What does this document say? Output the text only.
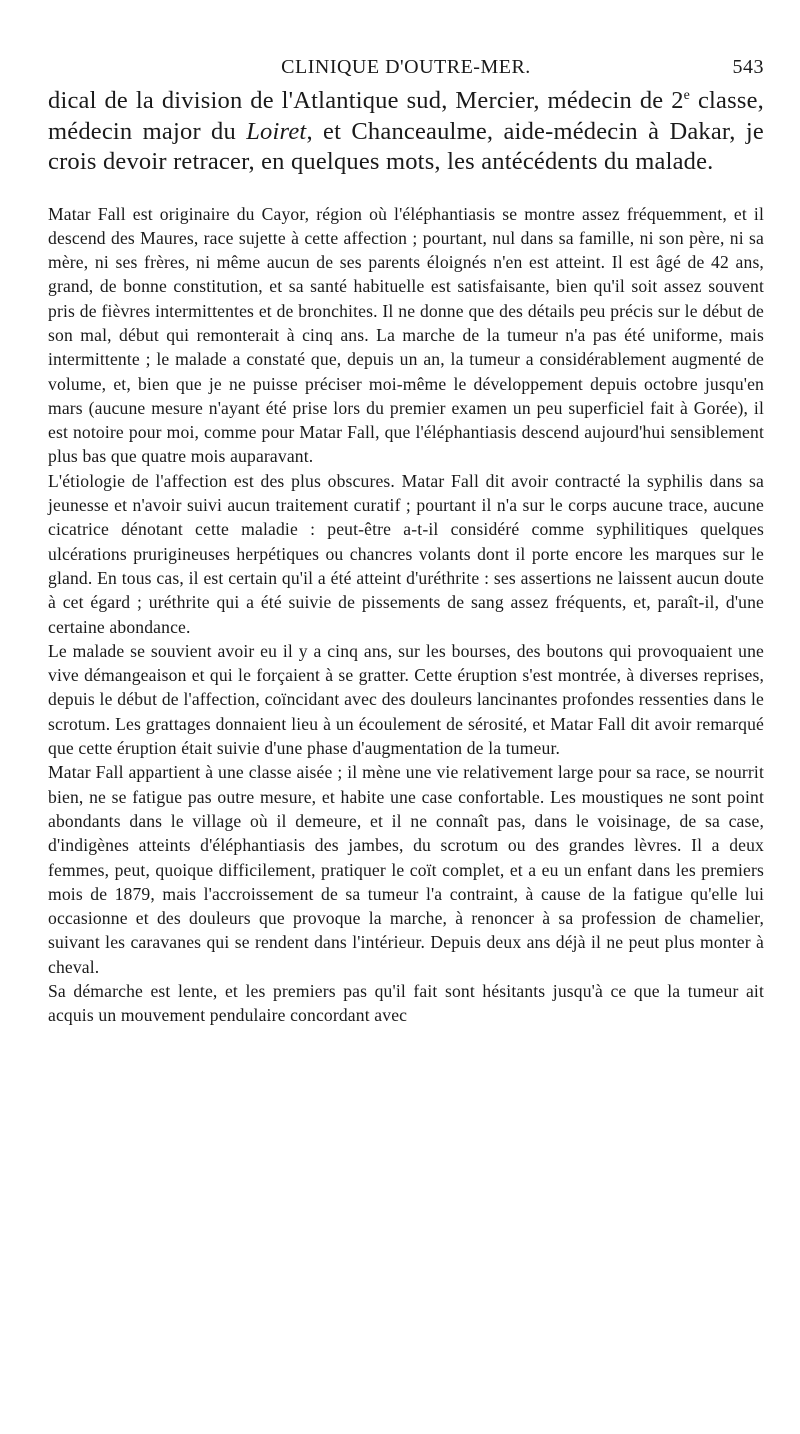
CLINIQUE D'OUTRE-MER.	543

dical de la division de l'Atlantique sud, Mercier, médecin de 2e classe, médecin major du Loiret, et Chanceaulme, aide-médecin à Dakar, je crois devoir retracer, en quelques mots, les antécédents du malade.

Matar Fall est originaire du Cayor, région où l'éléphantiasis se montre assez fréquemment, et il descend des Maures, race sujette à cette affection ; pourtant, nul dans sa famille, ni son père, ni sa mère, ni ses frères, ni même aucun de ses parents éloignés n'en est atteint. Il est âgé de 42 ans, grand, de bonne constitution, et sa santé habituelle est satisfaisante, bien qu'il soit assez souvent pris de fièvres intermittentes et de bronchites. Il ne donne que des détails peu précis sur le début de son mal, début qui remonterait à cinq ans. La marche de la tumeur n'a pas été uniforme, mais intermittente ; le malade a constaté que, depuis un an, la tumeur a considérablement augmenté de volume, et, bien que je ne puisse préciser moi-même le développement depuis octobre jusqu'en mars (aucune mesure n'ayant été prise lors du premier examen un peu superficiel fait à Gorée), il est notoire pour moi, comme pour Matar Fall, que l'éléphantiasis descend aujourd'hui sensiblement plus bas que quatre mois auparavant.

L'étiologie de l'affection est des plus obscures. Matar Fall dit avoir contracté la syphilis dans sa jeunesse et n'avoir suivi aucun traitement curatif ; pourtant il n'a sur le corps aucune trace, aucune cicatrice dénotant cette maladie : peut-être a-t-il considéré comme syphilitiques quelques ulcérations prurigineuses herpétiques ou chancres volants dont il porte encore les marques sur le gland. En tous cas, il est certain qu'il a été atteint d'uréthrite : ses assertions ne laissent aucun doute à cet égard ; uréthrite qui a été suivie de pissements de sang assez fréquents, et, paraît-il, d'une certaine abondance.

Le malade se souvient avoir eu il y a cinq ans, sur les bourses, des boutons qui provoquaient une vive démangeaison et qui le forçaient à se gratter. Cette éruption s'est montrée, à diverses reprises, depuis le début de l'affection, coïncidant avec des douleurs lancinantes profondes ressenties dans le scrotum. Les grattages donnaient lieu à un écoulement de sérosité, et Matar Fall dit avoir remarqué que cette éruption était suivie d'une phase d'augmentation de la tumeur.

Matar Fall appartient à une classe aisée ; il mène une vie relativement large pour sa race, se nourrit bien, ne se fatigue pas outre mesure, et habite une case confortable. Les moustiques ne sont point abondants dans le village où il demeure, et il ne connaît pas, dans le voisinage, de sa case, d'indigènes atteints d'éléphantiasis des jambes, du scrotum ou des grandes lèvres. Il a deux femmes, peut, quoique difficilement, pratiquer le coït complet, et a eu un enfant dans les premiers mois de 1879, mais l'accroissement de sa tumeur l'a contraint, à cause de la fatigue qu'elle lui occasionne et des douleurs que provoque la marche, à renoncer à sa profession de chamelier, suivant les caravanes qui se rendent dans l'intérieur. Depuis deux ans déjà il ne peut plus monter à cheval.

Sa démarche est lente, et les premiers pas qu'il fait sont hésitants jusqu'à ce que la tumeur ait acquis un mouvement pendulaire concordant avec
